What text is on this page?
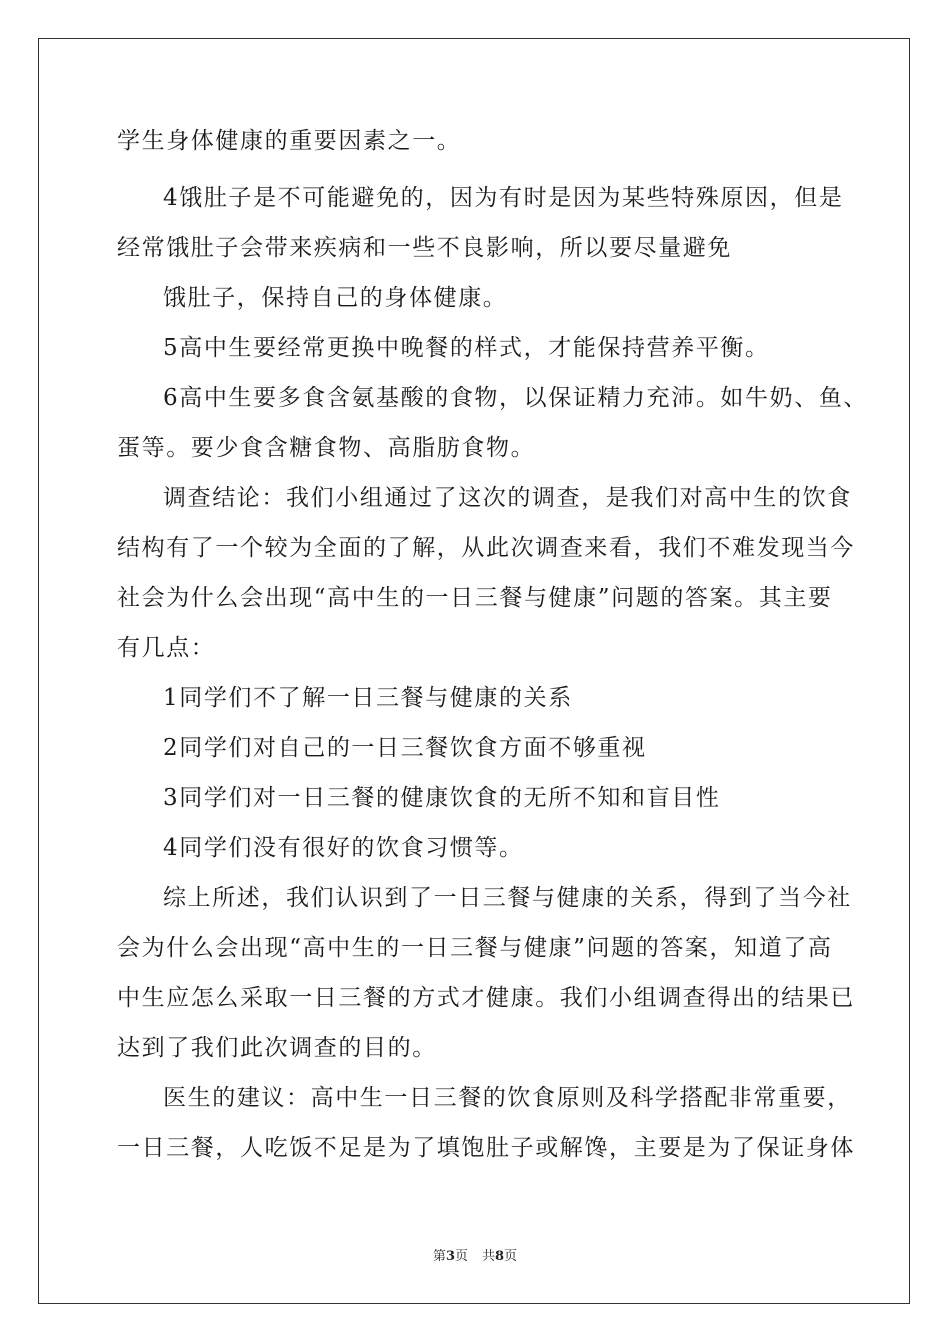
学生身体健康的重要因素之一。
4饿肚子是不可能避免的，因为有时是因为某些特殊原因，但是
经常饿肚子会带来疾病和一些不良影响，所以要尽量避免
饿肚子，保持自己的身体健康。
5高中生要经常更换中晚餐的样式，才能保持营养平衡。
6高中生要多食含氨基酸的食物，以保证精力充沛。如牛奶、鱼、
蛋等。要少食含糖食物、高脂肪食物。
调查结论：我们小组通过了这次的调查，是我们对高中生的饮食
结构有了一个较为全面的了解，从此次调查来看，我们不难发现当今
社会为什么会出现“高中生的一日三餐与健康”问题的答案。其主要
有几点：
1同学们不了解一日三餐与健康的关系
2同学们对自己的一日三餐饮食方面不够重视
3同学们对一日三餐的健康饮食的无所不知和盲目性
4同学们没有很好的饮食习惯等。
综上所述，我们认识到了一日三餐与健康的关系，得到了当今社
会为什么会出现“高中生的一日三餐与健康”问题的答案，知道了高
中生应怎么采取一日三餐的方式才健康。我们小组调查得出的结果已
达到了我们此次调查的目的。
医生的建议：高中生一日三餐的饮食原则及科学搭配非常重要，
一日三餐，人吃饭不足是为了填饱肚子或解馋，主要是为了保证身体
第3页 共8页
